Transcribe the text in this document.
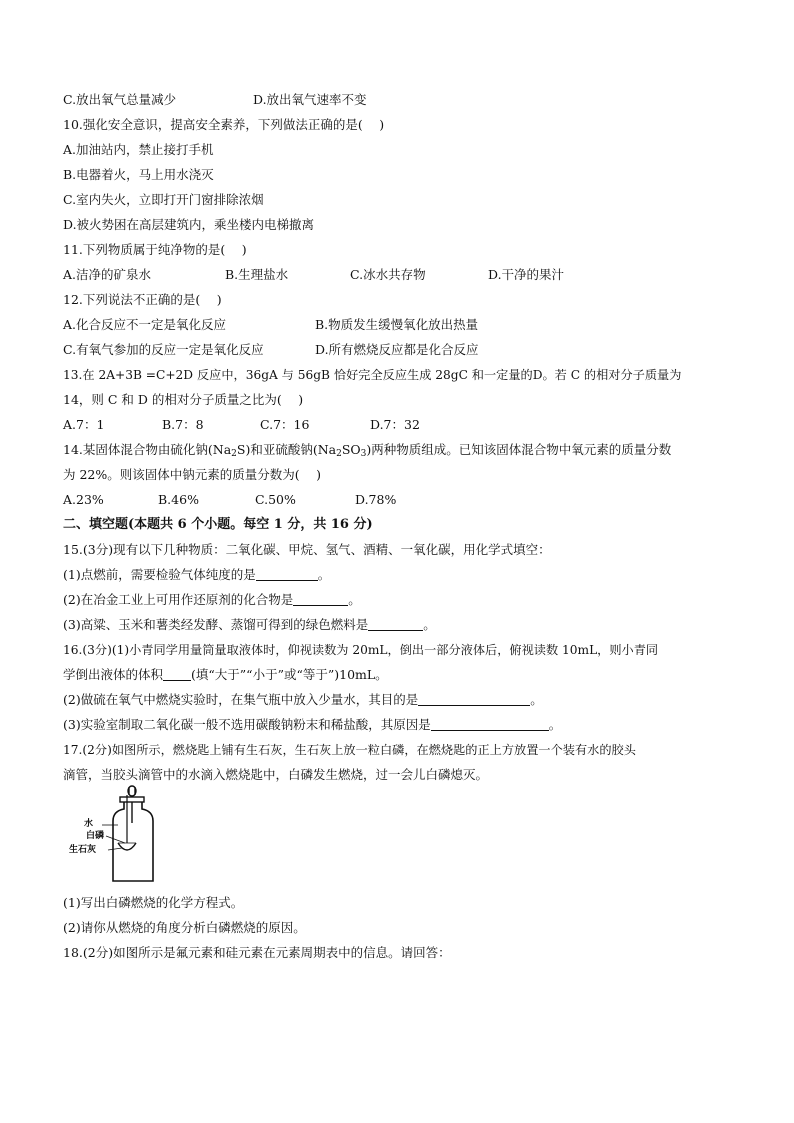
C.放出氧气总量减少	D.放出氧气速率不变
10.强化安全意识，提高安全素养，下列做法正确的是(　 )
A.加油站内，禁止接打手机
B.电器着火，马上用水浇灭
C.室内失火，立即打开门窗排除浓烟
D.被火势困在高层建筑内，乘坐楼内电梯撤离
11.下列物质属于纯净物的是(　 )
A.洁净的矿泉水	B.生理盐水	C.冰水共存物	D.干净的果汁
12.下列说法不正确的是(　 )
A.化合反应不一定是氧化反应	B.物质发生缓慢氧化放出热量
C.有氧气参加的反应一定是氧化反应	D.所有燃烧反应都是化合反应
13.在 2A+3B =C+2D 反应中，36gA 与 56gB 恰好完全反应生成 28gC 和一定量的D。若 C 的相对分子质量为
14，则 C 和 D 的相对分子质量之比为(　 )
A.7：1	B.7：8	C.7：16	D.7：32
14.某固体混合物由硫化钠$(Na_2S)$和亚硫酸钠$(Na_2SO_3)$两种物质组成。已知该固体混合物中氧元素的质量分数
为 22%。则该固体中钠元素的质量分数为(　 )
A.23%	B.46%	C.50%	D.78%
二、填空题(本题共 6 个小题。每空 1 分，共 16 分)
15.(3分)现有以下几种物质：二氧化碳、甲烷、氢气、酒精、一氧化碳，用化学式填空：
(1)点燃前，需要检验气体纯度的是	。
(2)在冶金工业上可用作还原剂的化合物是	。
(3)高粱、玉米和薯类经发酵、蒸馏可得到的绿色燃料是	。
16.(3分)(1)小青同学用量筒量取液体时，仰视读数为 20mL，倒出一部分液体后，俯视读数 10mL，则小青同
学倒出液体的体积 (填“大于”“小于”或“等于”)10mL。
(2)做硫在氧气中燃烧实验时，在集气瓶中放入少量水，其目的是	。
(3)实验室制取二氧化碳一般不选用碳酸钠粉末和稀盐酸，其原因是	。
17.(2分)如图所示，燃烧匙上铺有生石灰，生石灰上放一粒白磷，在燃烧匙的正上方放置一个装有水的胶头
滴管，当胶头滴管中的水滴入燃烧匙中，白磷发生燃烧，过一会儿白磷熄灭。
水
白磷
生石灰
(1)写出白磷燃烧的化学方程式。
(2)请你从燃烧的角度分析白磷燃烧的原因。
18.(2分)如图所示是氟元素和硅元素在元素周期表中的信息。请回答：
